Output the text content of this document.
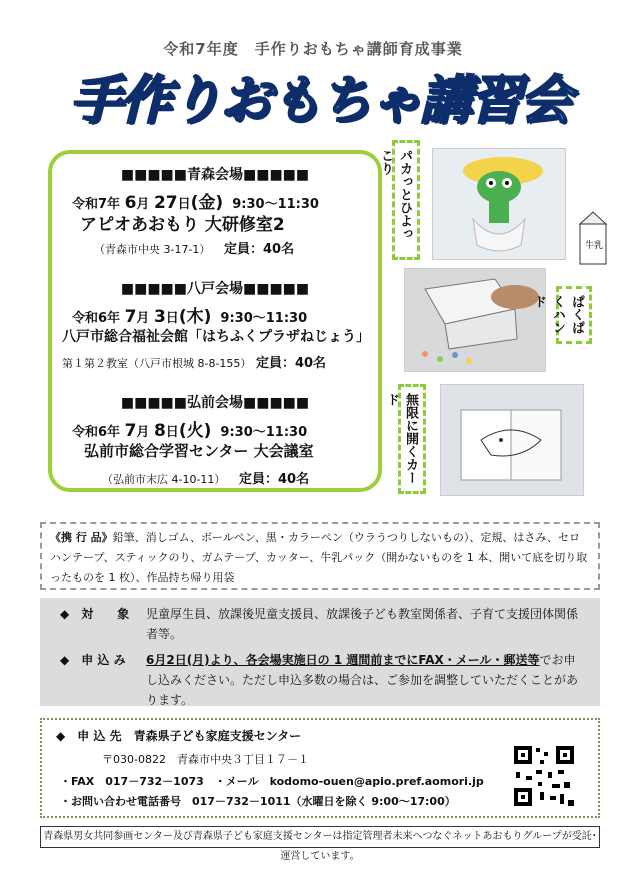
令和7年度　手作りおもちゃ講師育成事業
手作りおもちゃ講習会
■■■■■青森会場■■■■■
令和7年 6月 27日(金) 9:30～11:30
アピオあおもり 大研修室2
（青森市中央 3-17-1） 定員：40名
■■■■■八戸会場■■■■■
令和6年 7月 3日(木) 9:30～11:30
八戸市総合福祉会館「はちふくプラザねじょう」
第１第２教室（八戸市根城 8-8-155） 定員：40名
■■■■■弘前会場■■■■■
令和6年 7月 8日(火) 9:30～11:30
弘前市総合学習センター 大会議室
（弘前市末広 4-10-11） 定員：40名
パカっとひよっこり
牛乳
ぱくぱくハンド
無限に開くカード
《携 行 品》鉛筆、消しゴム、ボールペン、黒・カラーペン（ウラうつりしないもの）、定規、はさみ、セロハンテープ、スティックのり、ガムテープ、カッター、牛乳パック（開かないものを 1 本、開いて底を切り取ったものを 1 枚）、作品持ち帰り用袋
◆　対　　象 児童厚生員、放課後児童支援員、放課後子ども教室関係者、子育て支援団体関係者等。
◆　申 込 み 6月2日(月)より、各会場実施日の 1 週間前までにFAX・メール・郵送等でお申し込みください。ただし申込多数の場合は、ご参加を調整していただくことがあります。
◆　申 込 先　青森県子ども家庭支援センター
〒030-0822　青森市中央３丁目１７－１
・FAX　017－732－1073　・メール　kodomo-ouen@apio.pref.aomori.jp
・お問い合わせ電話番号　017－732－1011（水曜日を除く 9:00～17:00）
青森県男女共同参画センター及び青森県子ども家庭支援センターは指定管理者未来へつなぐネットあおもりグループが受託･運営しています。
